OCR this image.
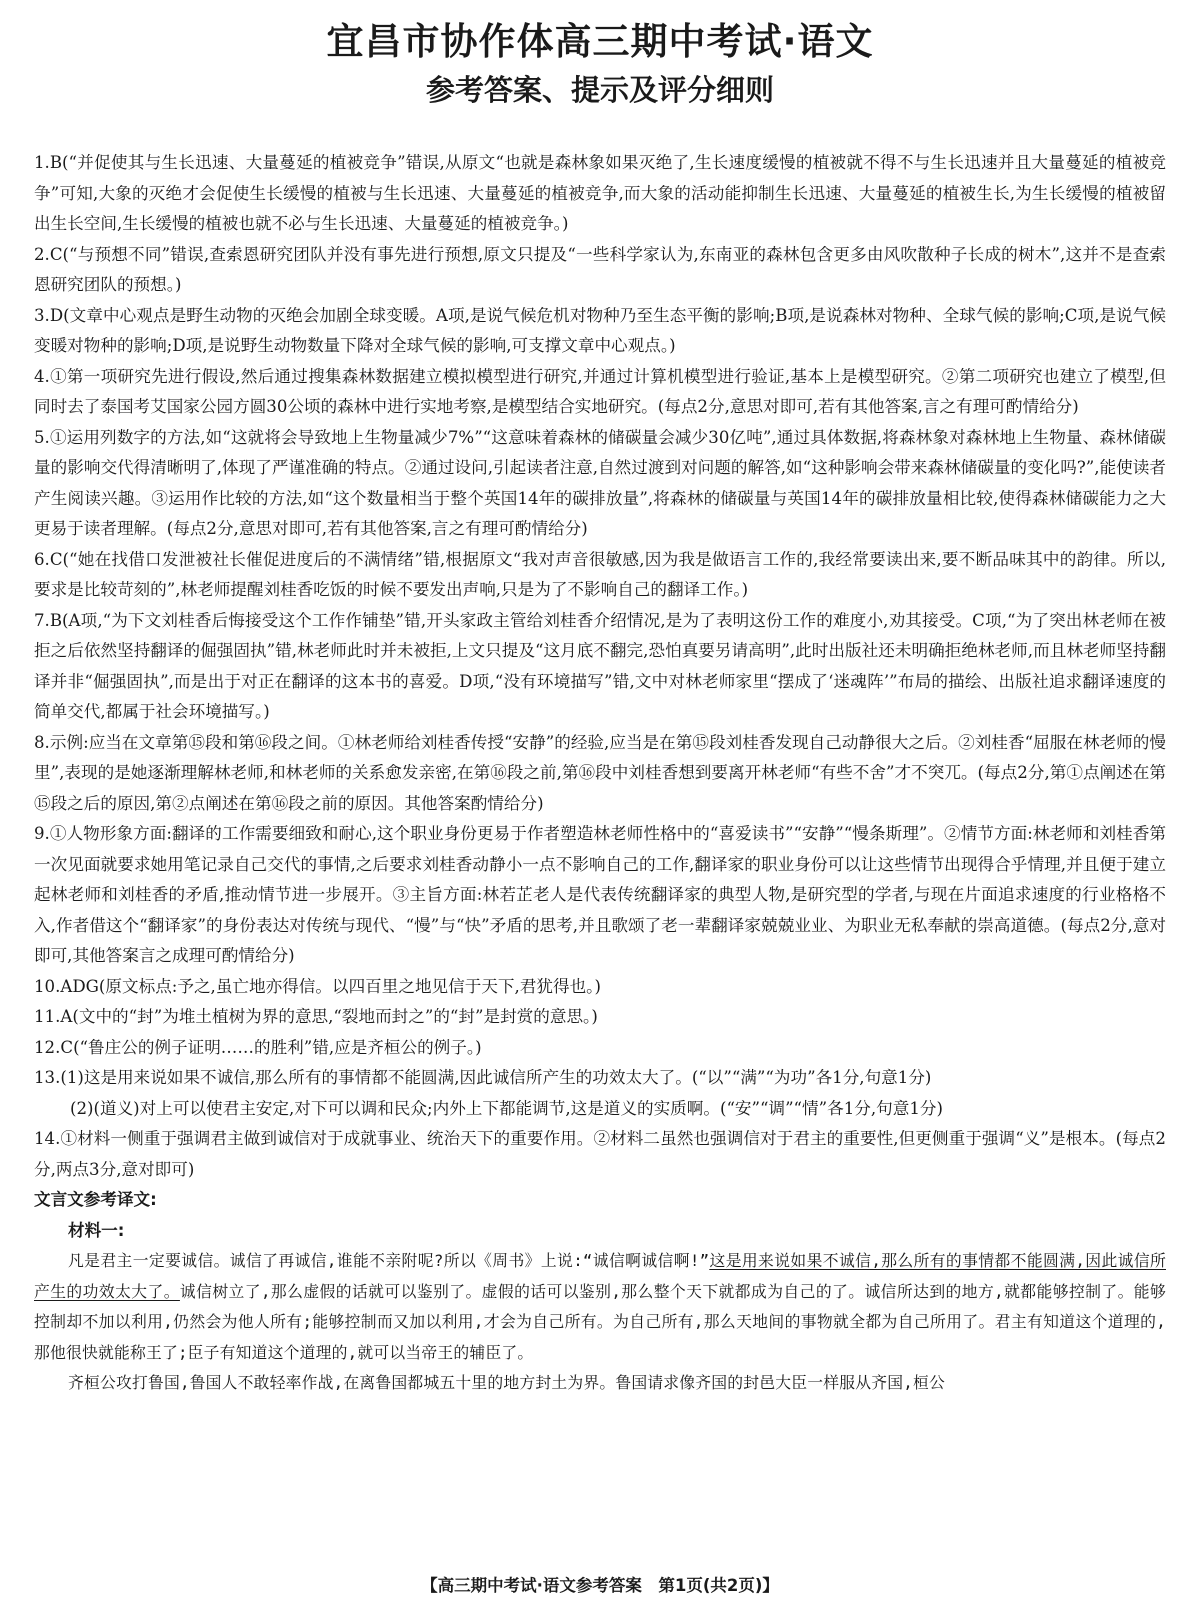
宜昌市协作体高三期中考试·语文
参考答案、提示及评分细则
1.B(“并促使其与生长迅速、大量蔓延的植被竞争”错误,从原文“也就是森林象如果灭绝了,生长速度缓慢的植被就不得不与生长迅速并且大量蔓延的植被竞争”可知,大象的灭绝才会促使生长缓慢的植被与生长迅速、大量蔓延的植被竞争,而大象的活动能抑制生长迅速、大量蔓延的植被生长,为生长缓慢的植被留出生长空间,生长缓慢的植被也就不必与生长迅速、大量蔓延的植被竞争。)
2.C(“与预想不同”错误,查索恩研究团队并没有事先进行预想,原文只提及“一些科学家认为,东南亚的森林包含更多由风吹散种子长成的树木”,这并不是查索恩研究团队的预想。)
3.D(文章中心观点是野生动物的灭绝会加剧全球变暖。A项,是说气候危机对物种乃至生态平衡的影响;B项,是说森林对物种、全球气候的影响;C项,是说气候变暖对物种的影响;D项,是说野生动物数量下降对全球气候的影响,可支撑文章中心观点。)
4.①第一项研究先进行假设,然后通过搜集森林数据建立模拟模型进行研究,并通过计算机模型进行验证,基本上是模型研究。②第二项研究也建立了模型,但同时去了泰国考艾国家公园方圆30公顷的森林中进行实地考察,是模型结合实地研究。(每点2分,意思对即可,若有其他答案,言之有理可酌情给分)
5.①运用列数字的方法,如“这就将会导致地上生物量减少7%”“这意味着森林的储碳量会减少30亿吨”,通过具体数据,将森林象对森林地上生物量、森林储碳量的影响交代得清晰明了,体现了严谨准确的特点。②通过设问,引起读者注意,自然过渡到对问题的解答,如“这种影响会带来森林储碳量的变化吗?”,能使读者产生阅读兴趣。③运用作比较的方法,如“这个数量相当于整个英国14年的碳排放量”,将森林的储碳量与英国14年的碳排放量相比较,使得森林储碳能力之大更易于读者理解。(每点2分,意思对即可,若有其他答案,言之有理可酌情给分)
6.C(“她在找借口发泄被社长催促进度后的不满情绪”错,根据原文“我对声音很敏感,因为我是做语言工作的,我经常要读出来,要不断品味其中的韵律。所以,要求是比较苛刻的”,林老师提醒刘桂香吃饭的时候不要发出声响,只是为了不影响自己的翻译工作。)
7.B(A项,“为下文刘桂香后悔接受这个工作作铺垫”错,开头家政主管给刘桂香介绍情况,是为了表明这份工作的难度小,劝其接受。C项,“为了突出林老师在被拒之后依然坚持翻译的倔强固执”错,林老师此时并未被拒,上文只提及“这月底不翻完,恐怕真要另请高明”,此时出版社还未明确拒绝林老师,而且林老师坚持翻译并非“倔强固执”,而是出于对正在翻译的这本书的喜爱。D项,“没有环境描写”错,文中对林老师家里“摆成了‘迷魂阵’”布局的描绘、出版社追求翻译速度的简单交代,都属于社会环境描写。)
8.示例:应当在文章第⑮段和第⑯段之间。①林老师给刘桂香传授“安静”的经验,应当是在第⑮段刘桂香发现自己动静很大之后。②刘桂香“屈服在林老师的慢里”,表现的是她逐渐理解林老师,和林老师的关系愈发亲密,在第⑯段之前,第⑯段中刘桂香想到要离开林老师“有些不舍”才不突兀。(每点2分,第①点阐述在第⑮段之后的原因,第②点阐述在第⑯段之前的原因。其他答案酌情给分)
9.①人物形象方面:翻译的工作需要细致和耐心,这个职业身份更易于作者塑造林老师性格中的“喜爱读书”“安静”“慢条斯理”。②情节方面:林老师和刘桂香第一次见面就要求她用笔记录自己交代的事情,之后要求刘桂香动静小一点不影响自己的工作,翻译家的职业身份可以让这些情节出现得合乎情理,并且便于建立起林老师和刘桂香的矛盾,推动情节进一步展开。③主旨方面:林若芷老人是代表传统翻译家的典型人物,是研究型的学者,与现在片面追求速度的行业格格不入,作者借这个“翻译家”的身份表达对传统与现代、“慢”与“快”矛盾的思考,并且歌颂了老一辈翻译家兢兢业业、为职业无私奉献的崇高道德。(每点2分,意对即可,其他答案言之成理可酌情给分)
10.ADG(原文标点:予之,虽亡地亦得信。以四百里之地见信于天下,君犹得也。)
11.A(文中的“封”为堆土植树为界的意思,“裂地而封之”的“封”是封赏的意思。)
12.C(“鲁庄公的例子证明……的胜利”错,应是齐桓公的例子。)
13.(1)这是用来说如果不诚信,那么所有的事情都不能圆满,因此诚信所产生的功效太大了。(“以”“满”“为功”各1分,句意1分)
(2)(道义)对上可以使君主安定,对下可以调和民众;内外上下都能调节,这是道义的实质啊。(“安”“调”“情”各1分,句意1分)
14.①材料一侧重于强调君主做到诚信对于成就事业、统治天下的重要作用。②材料二虽然也强调信对于君主的重要性,但更侧重于强调“义”是根本。(每点2分,两点3分,意对即可)
文言文参考译文:
材料一:
凡是君主一定要诚信。诚信了再诚信,谁能不亲附呢?所以《周书》上说:“诚信啊诚信啊!”这是用来说如果不诚信,那么所有的事情都不能圆满,因此诚信所产生的功效太大了。诚信树立了,那么虚假的话就可以鉴别了。虚假的话可以鉴别,那么整个天下就都成为自己的了。诚信所达到的地方,就都能够控制了。能够控制却不加以利用,仍然会为他人所有;能够控制而又加以利用,才会为自己所有。为自己所有,那么天地间的事物就全都为自己所用了。君主有知道这个道理的,那他很快就能称王了;臣子有知道这个道理的,就可以当帝王的辅臣了。
齐桓公攻打鲁国,鲁国人不敢轻率作战,在离鲁国都城五十里的地方封土为界。鲁国请求像齐国的封邑大臣一样服从齐国,桓公
【高三期中考试·语文参考答案　第1页(共2页)】
